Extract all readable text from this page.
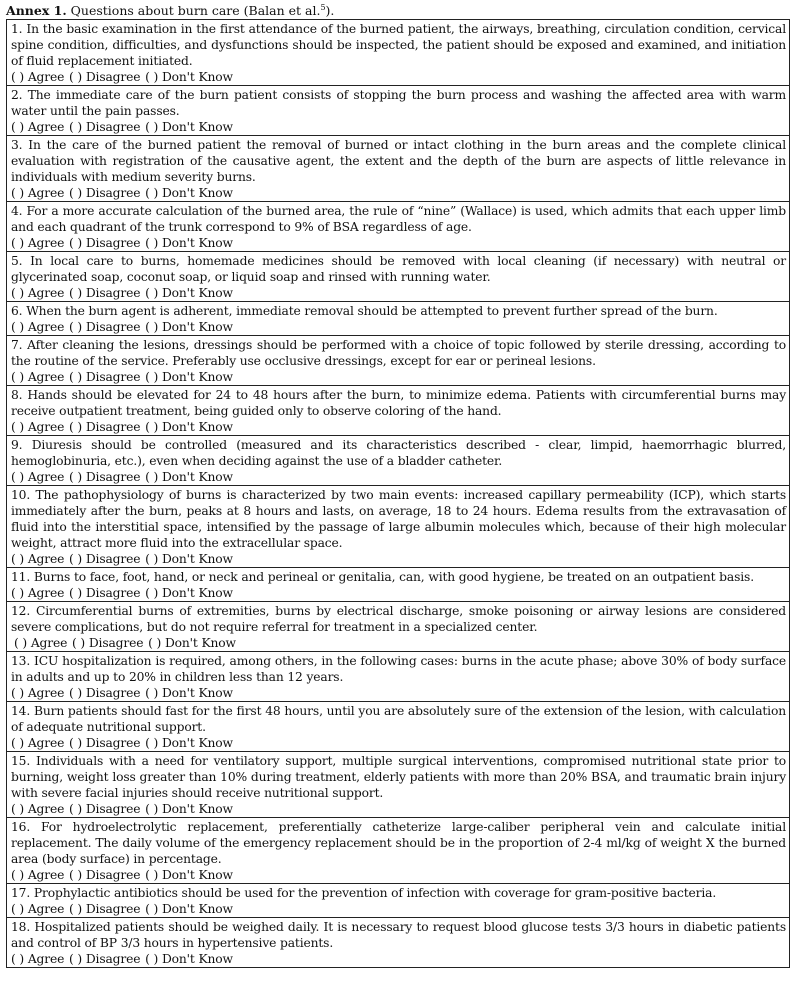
Annex 1. Questions about burn care (Balan et al.$^5$).
1. In the basic examination in the first attendance of the burned patient, the airways, breathing, circulation condition, cervical spine condition, difficulties, and dysfunctions should be inspected, the patient should be exposed and examined, and initiation of fluid replacement initiated.
( ) Agree ( ) Disagree ( ) Don't Know

2. The immediate care of the burn patient consists of stopping the burn process and washing the affected area with warm water until the pain passes.
( ) Agree ( ) Disagree ( ) Don't Know

3. In the care of the burned patient the removal of burned or intact clothing in the burn areas and the complete clinical evaluation with registration of the causative agent, the extent and the depth of the burn are aspects of little relevance in individuals with medium severity burns.
( ) Agree ( ) Disagree ( ) Don't Know

4. For a more accurate calculation of the burned area, the rule of “nine” (Wallace) is used, which admits that each upper limb and each quadrant of the trunk correspond to 9% of BSA regardless of age.
( ) Agree ( ) Disagree ( ) Don't Know

5. In local care to burns, homemade medicines should be removed with local cleaning (if necessary) with neutral or glycerinated soap, coconut soap, or liquid soap and rinsed with running water.
( ) Agree ( ) Disagree ( ) Don't Know

6. When the burn agent is adherent, immediate removal should be attempted to prevent further spread of the burn.
( ) Agree ( ) Disagree ( ) Don't Know

7. After cleaning the lesions, dressings should be performed with a choice of topic followed by sterile dressing, according to the routine of the service. Preferably use occlusive dressings, except for ear or perineal lesions.
( ) Agree ( ) Disagree ( ) Don't Know

8. Hands should be elevated for 24 to 48 hours after the burn, to minimize edema. Patients with circumferential burns may receive outpatient treatment, being guided only to observe coloring of the hand.
( ) Agree ( ) Disagree ( ) Don't Know

9. Diuresis should be controlled (measured and its characteristics described - clear, limpid, haemorrhagic blurred, hemoglobinuria, etc.), even when deciding against the use of a bladder catheter.
( ) Agree ( ) Disagree ( ) Don't Know

10. The pathophysiology of burns is characterized by two main events: increased capillary permeability (ICP), which starts immediately after the burn, peaks at 8 hours and lasts, on average, 18 to 24 hours. Edema results from the extravasation of fluid into the interstitial space, intensified by the passage of large albumin molecules which, because of their high molecular weight, attract more fluid into the extracellular space.
( ) Agree ( ) Disagree ( ) Don't Know

11. Burns to face, foot, hand, or neck and perineal or genitalia, can, with good hygiene, be treated on an outpatient basis.
( ) Agree ( ) Disagree ( ) Don't Know

12. Circumferential burns of extremities, burns by electrical discharge, smoke poisoning or airway lesions are considered severe complications, but do not require referral for treatment in a specialized center.
( ) Agree ( ) Disagree ( ) Don't Know

13. ICU hospitalization is required, among others, in the following cases: burns in the acute phase; above 30% of body surface in adults and up to 20% in children less than 12 years.
( ) Agree ( ) Disagree ( ) Don't Know

14. Burn patients should fast for the first 48 hours, until you are absolutely sure of the extension of the lesion, with calculation of adequate nutritional support.
( ) Agree ( ) Disagree ( ) Don't Know

15. Individuals with a need for ventilatory support, multiple surgical interventions, compromised nutritional state prior to burning, weight loss greater than 10% during treatment, elderly patients with more than 20% BSA, and traumatic brain injury with severe facial injuries should receive nutritional support.
( ) Agree ( ) Disagree ( ) Don't Know

16. For hydroelectrolytic replacement, preferentially catheterize large-caliber peripheral vein and calculate initial replacement. The daily volume of the emergency replacement should be in the proportion of 2-4 ml/kg of weight X the burned area (body surface) in percentage.
( ) Agree ( ) Disagree ( ) Don't Know

17. Prophylactic antibiotics should be used for the prevention of infection with coverage for gram-positive bacteria.
( ) Agree ( ) Disagree ( ) Don't Know

18. Hospitalized patients should be weighed daily. It is necessary to request blood glucose tests 3/3 hours in diabetic patients and control of BP 3/3 hours in hypertensive patients.
( ) Agree ( ) Disagree ( ) Don't Know
